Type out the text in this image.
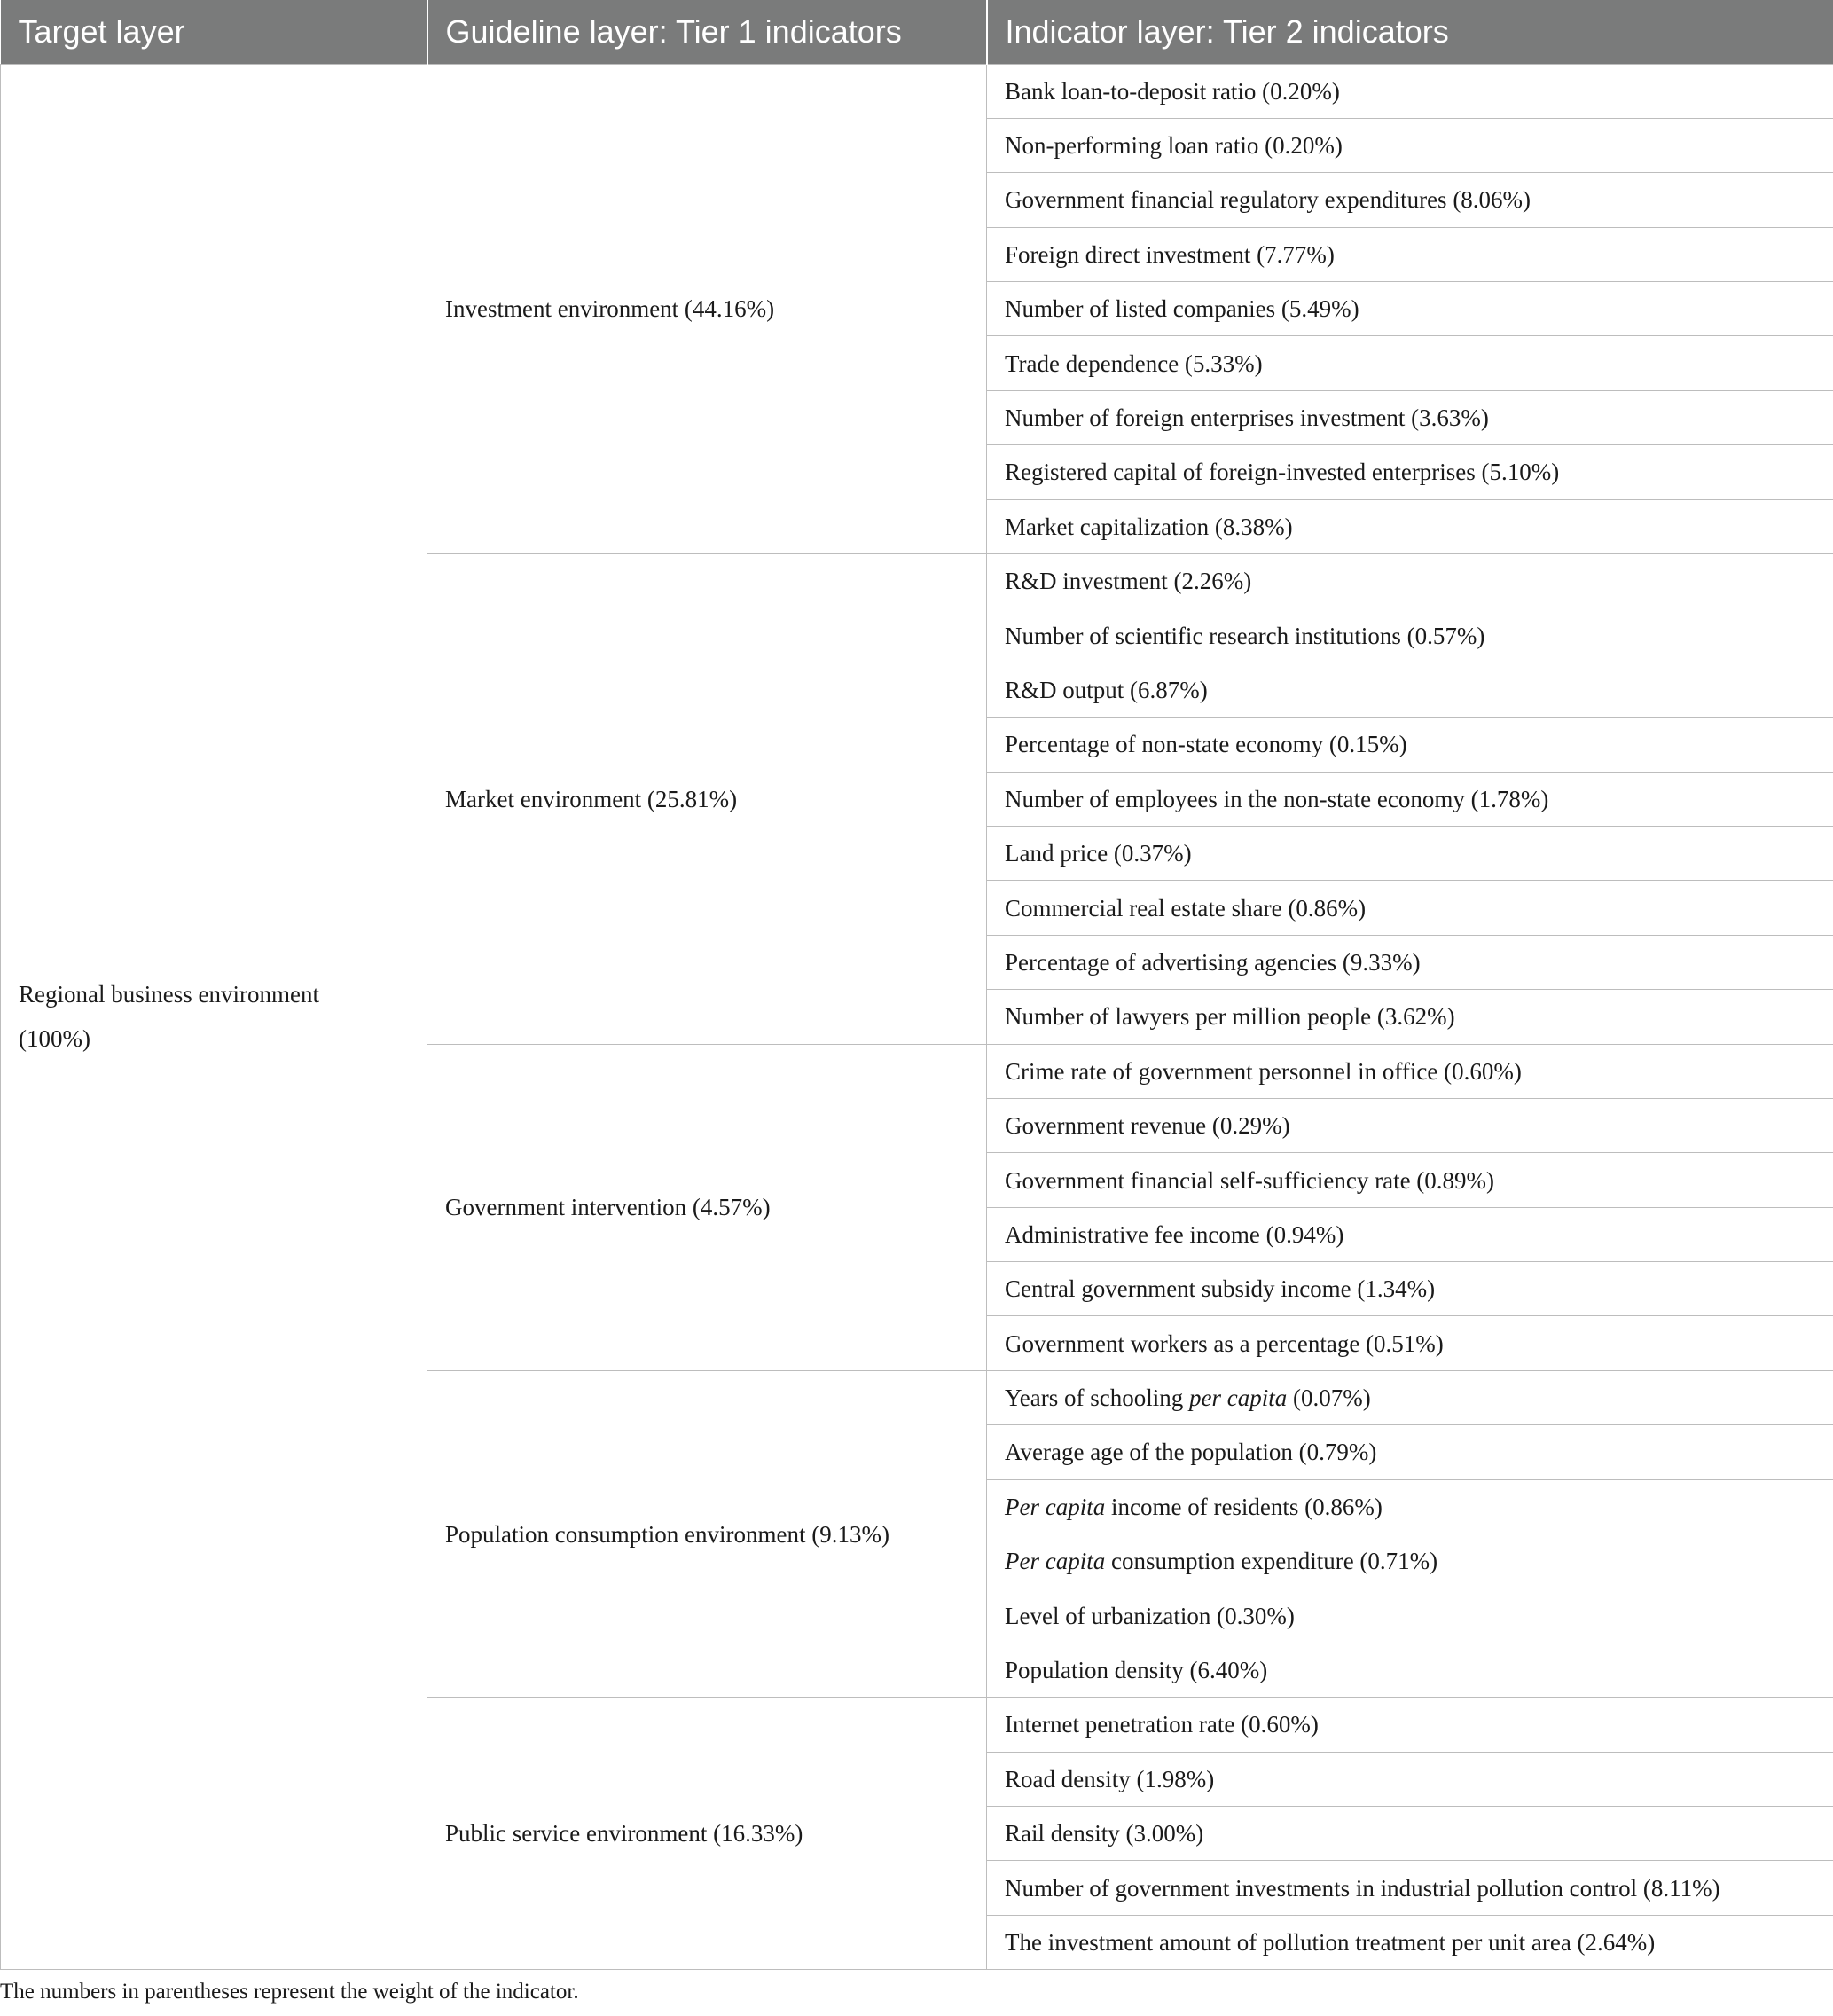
Target layer	Guideline layer: Tier 1 indicators	Indicator layer: Tier 2 indicators

Regional business environment
(100%)	Investment environment (44.16%)	Bank loan-to-deposit ratio (0.20%)
		Non-performing loan ratio (0.20%)
		Government financial regulatory expenditures (8.06%)
		Foreign direct investment (7.77%)
		Number of listed companies (5.49%)
		Trade dependence (5.33%)
		Number of foreign enterprises investment (3.63%)
		Registered capital of foreign-invested enterprises (5.10%)
		Market capitalization (8.38%)
	Market environment (25.81%)	R&D investment (2.26%)
		Number of scientific research institutions (0.57%)
		R&D output (6.87%)
		Percentage of non-state economy (0.15%)
		Number of employees in the non-state economy (1.78%)
		Land price (0.37%)
		Commercial real estate share (0.86%)
		Percentage of advertising agencies (9.33%)
		Number of lawyers per million people (3.62%)
	Government intervention (4.57%)	Crime rate of government personnel in office (0.60%)
		Government revenue (0.29%)
		Government financial self-sufficiency rate (0.89%)
		Administrative fee income (0.94%)
		Central government subsidy income (1.34%)
		Government workers as a percentage (0.51%)
	Population consumption environment (9.13%)	Years of schooling per capita (0.07%)
		Average age of the population (0.79%)
		Per capita income of residents (0.86%)
		Per capita consumption expenditure (0.71%)
		Level of urbanization (0.30%)
		Population density (6.40%)
	Public service environment (16.33%)	Internet penetration rate (0.60%)
		Road density (1.98%)
		Rail density (3.00%)
		Number of government investments in industrial pollution control (8.11%)
		The investment amount of pollution treatment per unit area (2.64%)
The numbers in parentheses represent the weight of the indicator.
